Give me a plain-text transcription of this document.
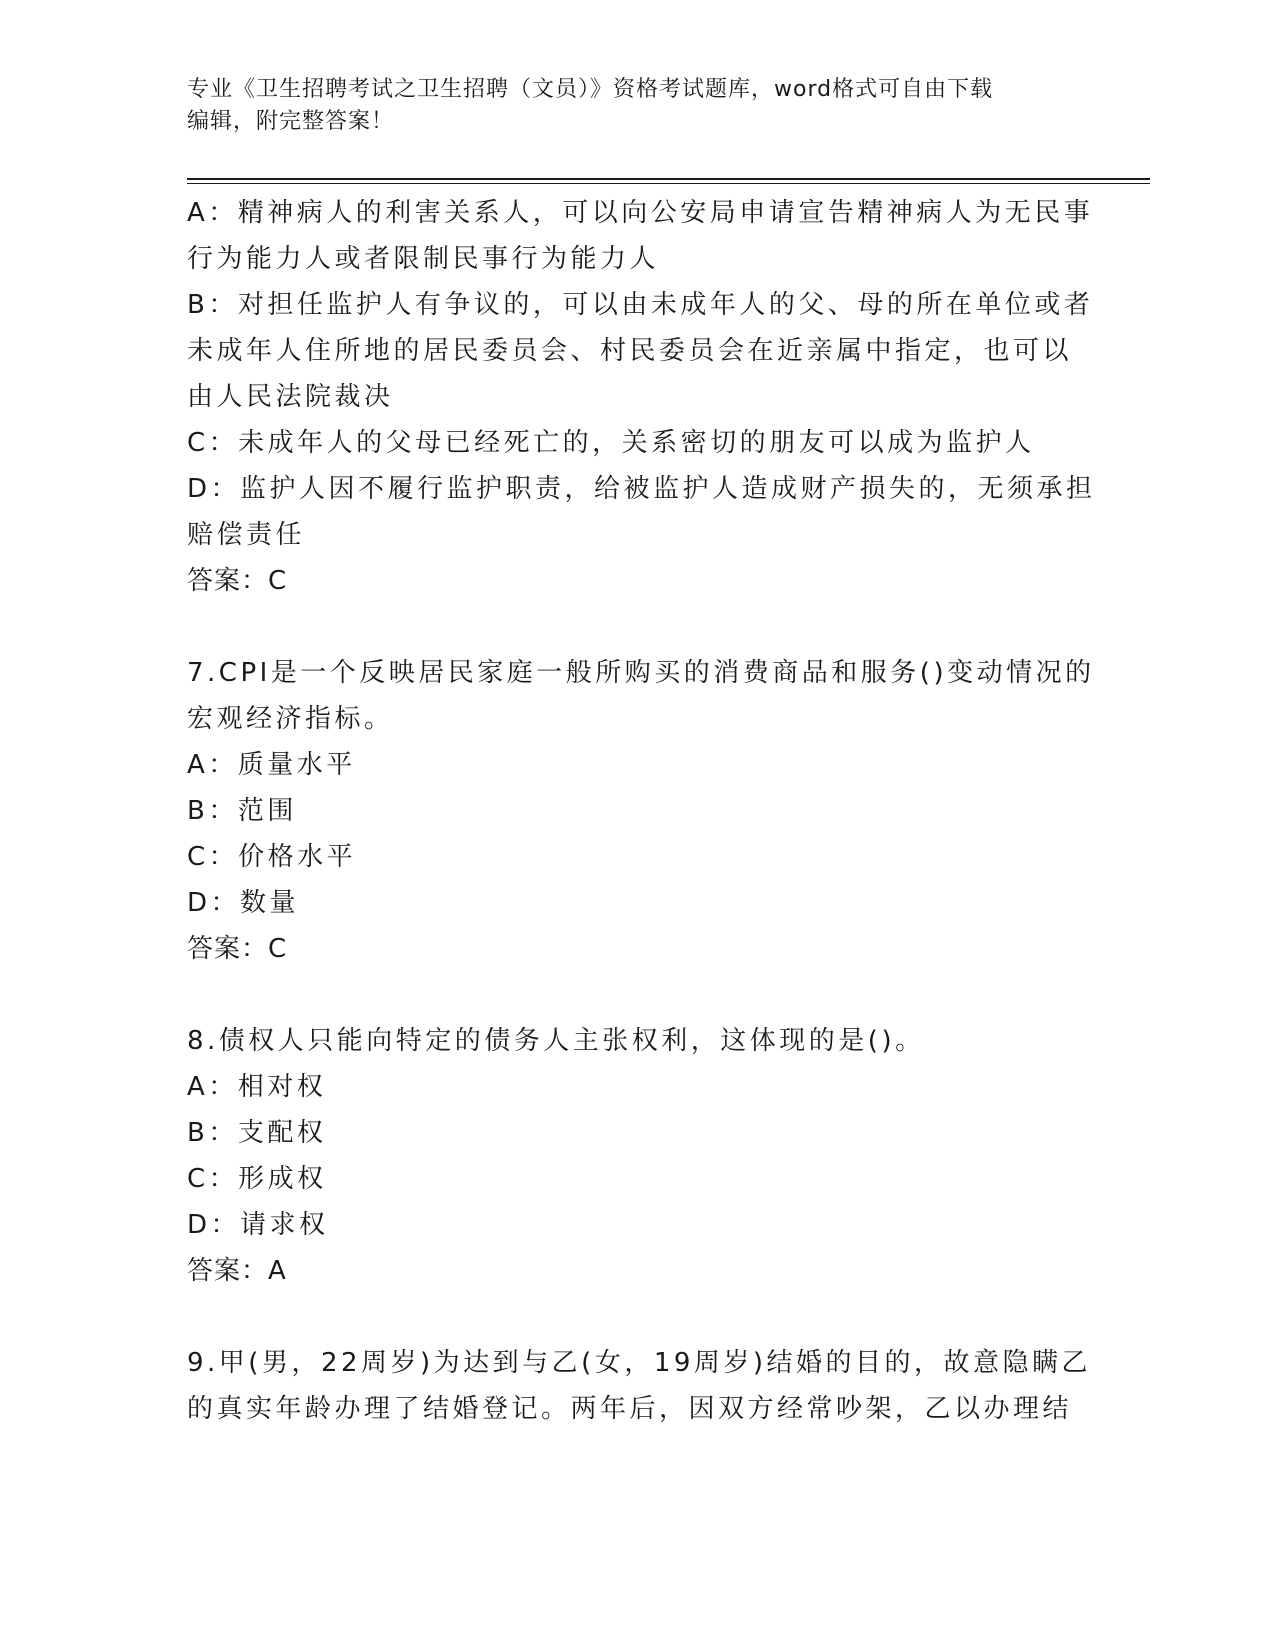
专业《卫生招聘考试之卫生招聘（文员）》资格考试题库，word格式可自由下载
编辑，附完整答案！
A：精神病人的利害关系人，可以向公安局申请宣告精神病人为无民事
行为能力人或者限制民事行为能力人
B：对担任监护人有争议的，可以由未成年人的父、母的所在单位或者
未成年人住所地的居民委员会、村民委员会在近亲属中指定，也可以
由人民法院裁决
C：未成年人的父母已经死亡的，关系密切的朋友可以成为监护人
D：监护人因不履行监护职责，给被监护人造成财产损失的，无须承担
赔偿责任
答案：C
7.CPI是一个反映居民家庭一般所购买的消费商品和服务()变动情况的
宏观经济指标。
A：质量水平
B：范围
C：价格水平
D：数量
答案：C
8.债权人只能向特定的债务人主张权利，这体现的是()。
A：相对权
B：支配权
C：形成权
D：请求权
答案：A
9.甲(男，22周岁)为达到与乙(女，19周岁)结婚的目的，故意隐瞒乙
的真实年龄办理了结婚登记。两年后，因双方经常吵架，乙以办理结
